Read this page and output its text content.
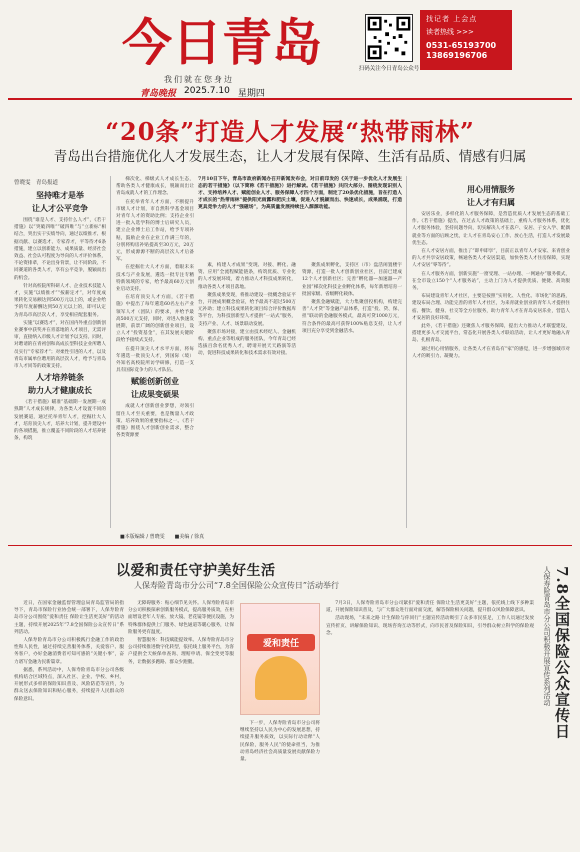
今日青岛
我们就在您身边
青岛晚报 2025.7.10 星期四
扫码关注今日青岛公众号
找记者 上会点
读者热线 >>>
0531-65193700
13869196706
“20条”打造人才发展“热带雨林”
青岛出台措施优化人才发展生态，让人才发展有保障、生活有品质、情感有归属
曾晓雯　青岛报道
坚持唯才是举
让人才公平竞争

围绕“谁是人才、支持什么人才”，《若干措施》以“突破四唯”“破四唯”与“立新标”相结合，突出实干实绩导向，通过以绩推才、根据贡献、以赛选才、专家荐才，平等待才6条措施，建立以创新能力、成果质量、经济社会效益、社会认可程度为导向的人才评价体系，不论资排辈，不论出身背景，让不同阶段、不同赛道的各类人才，享有公平竞争，脱颖而出的机会。

针对高校院所科研人才、企业技术技能人才，实施“以绩推才”“按薪定才”，对年度成果转化交易额达到500万元以上的，或企业给予的年度薪酬达到50万元以上的，即可认定为青岛市高层次人才，享受相应配套服务。

实施“以赛选才”，对在国内外重点创新创业赛事中获奖并在青落地的人才项目，无需评审，直接纳入市级人才计划予以支持。同时，对聘请的在青初创和高成长型科技企业所聘人员实行“专家荐才”；对柔性引进的人才，以及青岛市属单位聘用的高层次人才，给予与青岛市人才同等的政策支持。

人才培养链条
助力人才健康成长

《若干措施》瞄准“基础期一发展期一成熟期”人才成长规律，为各类人才设置不同的发展赛道，通过托举青年人才，挖掘壮大人才，培育顶尖人才，培养大计划，提升建设中的各项措施，推立覆盖不同阶段的人才培养链条，构筑

7月10日下午，青岛市政府新闻办召开新闻发布会，对日前印发的《关于进一步优化人才发展生态的若干措施》（以下简称《若干措施》）进行解读。《若干措施》共四大部分、围绕发现识别人才、支持培养人才、赋能创业人才、服务保障人才四个方面，制定了20条优化措施，旨在打造人才成长的“热带雨林”提供阳光雨露和肥沃土壤，促进人才脱颖而出、快速成长，成果涌现，打造更具竞争力的人才“强磁场”，为高质量发展持续注入源源动能。

梯次化、梯级式人才成长生态，帮助各类人才健康成长，脱颖而出让青岛成就人才的工作理念。

在托举青年人才方面，不断提升市级人才计划，市自然科学基金项目对青年人才的资助比例；支持企业引进一批入选学科的博士后研究人员，建立企业博士后工作站，给予专项补贴，鼓励企业在企业工作满三年的，分别将购房补贴提高至30万元，20万元，形成源源不断的高层次人才后备军。

在挖掘壮大人才方面，着眼未来技术与产业发展，遴选一批专注专精特新领域的专家，给予最高60万元创业启动支持。

在培育顶尖人才方面，《若干措施》中提出了每年遴选60名左右产业领军人才（团队）的要求，并给予最高500万元支持，同时，对进入快速发展期，前景广阔的创新创业项目，设立人才“投资基金”，在其发展关键阶段给予接续式支持。

在提升顶尖人才水平方面，将每年遴选一批顶尖人才，到国际（境）外知名高校院所访学研修，打造一支具有国际竞争力的人才队伍。

赋能创新创业
让成果变硕果

成就人才创新创业梦想，对领引留住人才至关重要，也是衡量人才政策、培养效果的重要指标之一。《若干措施》围绕人才创新创业需求，整合各类资源要

素，构建人才成果“变现、对接、孵化、融资、应用”全流程赋能链条，构筑优质、专业化的人才发展环境，着力推动人才科技成果转化，推动各类人才项目落地。

聚焦成果变现，将推动建设一批概念验证平台，开展成果概念验证，给予最高不超过500万元补助；建立科技成果转化项目综合评价数据库等平台，为科技创新型人才提供“一站式”服务，支持产业、人才、场景联动发展。

聚焦市场对接，建立由技术经纪人、金融机构、重点企业等组成的服务团队，今年青岛已经选拔百余名优秀人才，聘请开展天天路演等活动，促进科技成果转化和技术需求有效对接。

聚焦成果孵化，支持区（市）盘活闲置楼宇资源，打造一批人才创新创业社区，目前已建成12个人才创新社区；完善“孵化器—加速器—产业园”梯次化科技企业孵化体系，每年新增培育一批国家级、省级孵化载体。

聚焦金融赋能，大力集聚创投机构，构建完善“人才贷”等金融产品体系，打造“投、贷、保、担”联动的金融服务模式，最高可贷1000万元，符合条件的最高可获得100%贴息支持，让人才项目充分享受到金融活水。

用心用情服务
让人才有归属

安居乐业，多样化的人才服务保障，是营造优质人才发展生态的基础工作。《若干措施》提出，在过去人才政策的基础上，重构人才服务体系，优化人才服务体验，坚持问题导向，切实解决人才在落户、安居、子女入学、配偶就业等方面的后顾之忧，让人才在青岛安心工作、放心生活，打造人才发展最优生态。

在人才安居方面，推出了“即申即享”，目前正以青年人才安家、来青创业的人才共享安居政策，畅通各类人才安居渠道，加快各类人才住房保障，实现人才安居“零等待”。

在人才服务方面，创新实施“一窗受理、一站办理、一网通办”服务模式，在全市设立150个“人才服务站”，主动上门为人才提供优质、便捷、高效服务。

布局建设青年人才社区，主要是按照“实用化、人性化、市场化”的思路，建设布局合理、功能完善的青年人才社区，为来青就业创业的青年人才提供住宿、餐饮、健身、社交等全方位服务，助力青年人才在青岛安居乐业，营造人才安居的良好环境。

此外，《若干措施》还聚焦人才服务保障，提出大力推动人才联盟建设，搭建更多人才交流平台，常态化开展各类人才联谊活动，让人才更好地融入青岛、扎根青岛。

通过用心用情服务，让各类人才在青岛有“家”的感觉，进一步增强城市对人才的吸引力、凝聚力。

■本版编辑 / 曾晓雯 ■美编 / 徐真
以爱和责任守护美好生活
人保寿险青岛市分公司“7.8全国保险公众宣传日”活动举行

近日，在国家金融监督管理总局青岛监管局的指导下，青岛市保险行业协会统一部署下，人保寿险青岛市分公司围绕“爱和责任 保险让生活更美好”的活动主题，持续开展2025年“7.8全国保险公众宣传日”系列活动。

人保寿险青岛市分公司积极践行金融工作的政治性和人民性，通过持续完善服务体系，关爱客户、服务客户，办好金融消费者可知可感的“关键小事”，奋力谱写金融为民新篇章。

据悉，系列活动中，人保寿险青岛市分公司各级机构结合区域特点，深入社区、企业、学校、乡村，开展形式多样的保险知识普及、风险防范等宣传，为群众送去保险知识和贴心服务，持续提升人民群众的保险意识。

无障碍服务：贴心细节见关怀。人保寿险青岛市分公司积极探索创新服务模式，提高服务质效，在柜面增设老年人专座、放大镜、老花镜等便民设施，为特殊群体提供上门服务、绿色通道等暖心服务，让保险服务更有温度。

智慧服务：科技赋能提效率。人保寿险青岛市分公司持续推进数字化转型，依托线上服务平台，为客户提供全天候保单查询、理赔申请、保全变更等服务，让数据多跑路、群众少跑腿。

爱和责任

下一步，人保寿险青岛市分公司将继续坚持以人民为中心的发展思想，持续提升服务质效，以实际行动诠释“人民保险，服务人民”的使命担当，为推动青岛经济社会高质量发展贡献保险力量。

7月3日，人保寿险青岛市分公司紧扣“爱和责任 保险让生活更美好”主题，依托线上线下多种渠道，开展保险知识普及，与广大群众进行面对面交流，解答保险相关问题，提升群众风险保障意识。

活动现场，“未来之路 计生保险与你同行”主题宣传活动吸引了众多市民驻足，工作人员通过发放宣传折页、讲解保险知识、现场咨询互动等形式，向市民普及保险知识，引导群众树立科学的保险观念。	人保寿险青岛市分公司积极开展宣传系列活动 7.8全国保险公众宣传日
